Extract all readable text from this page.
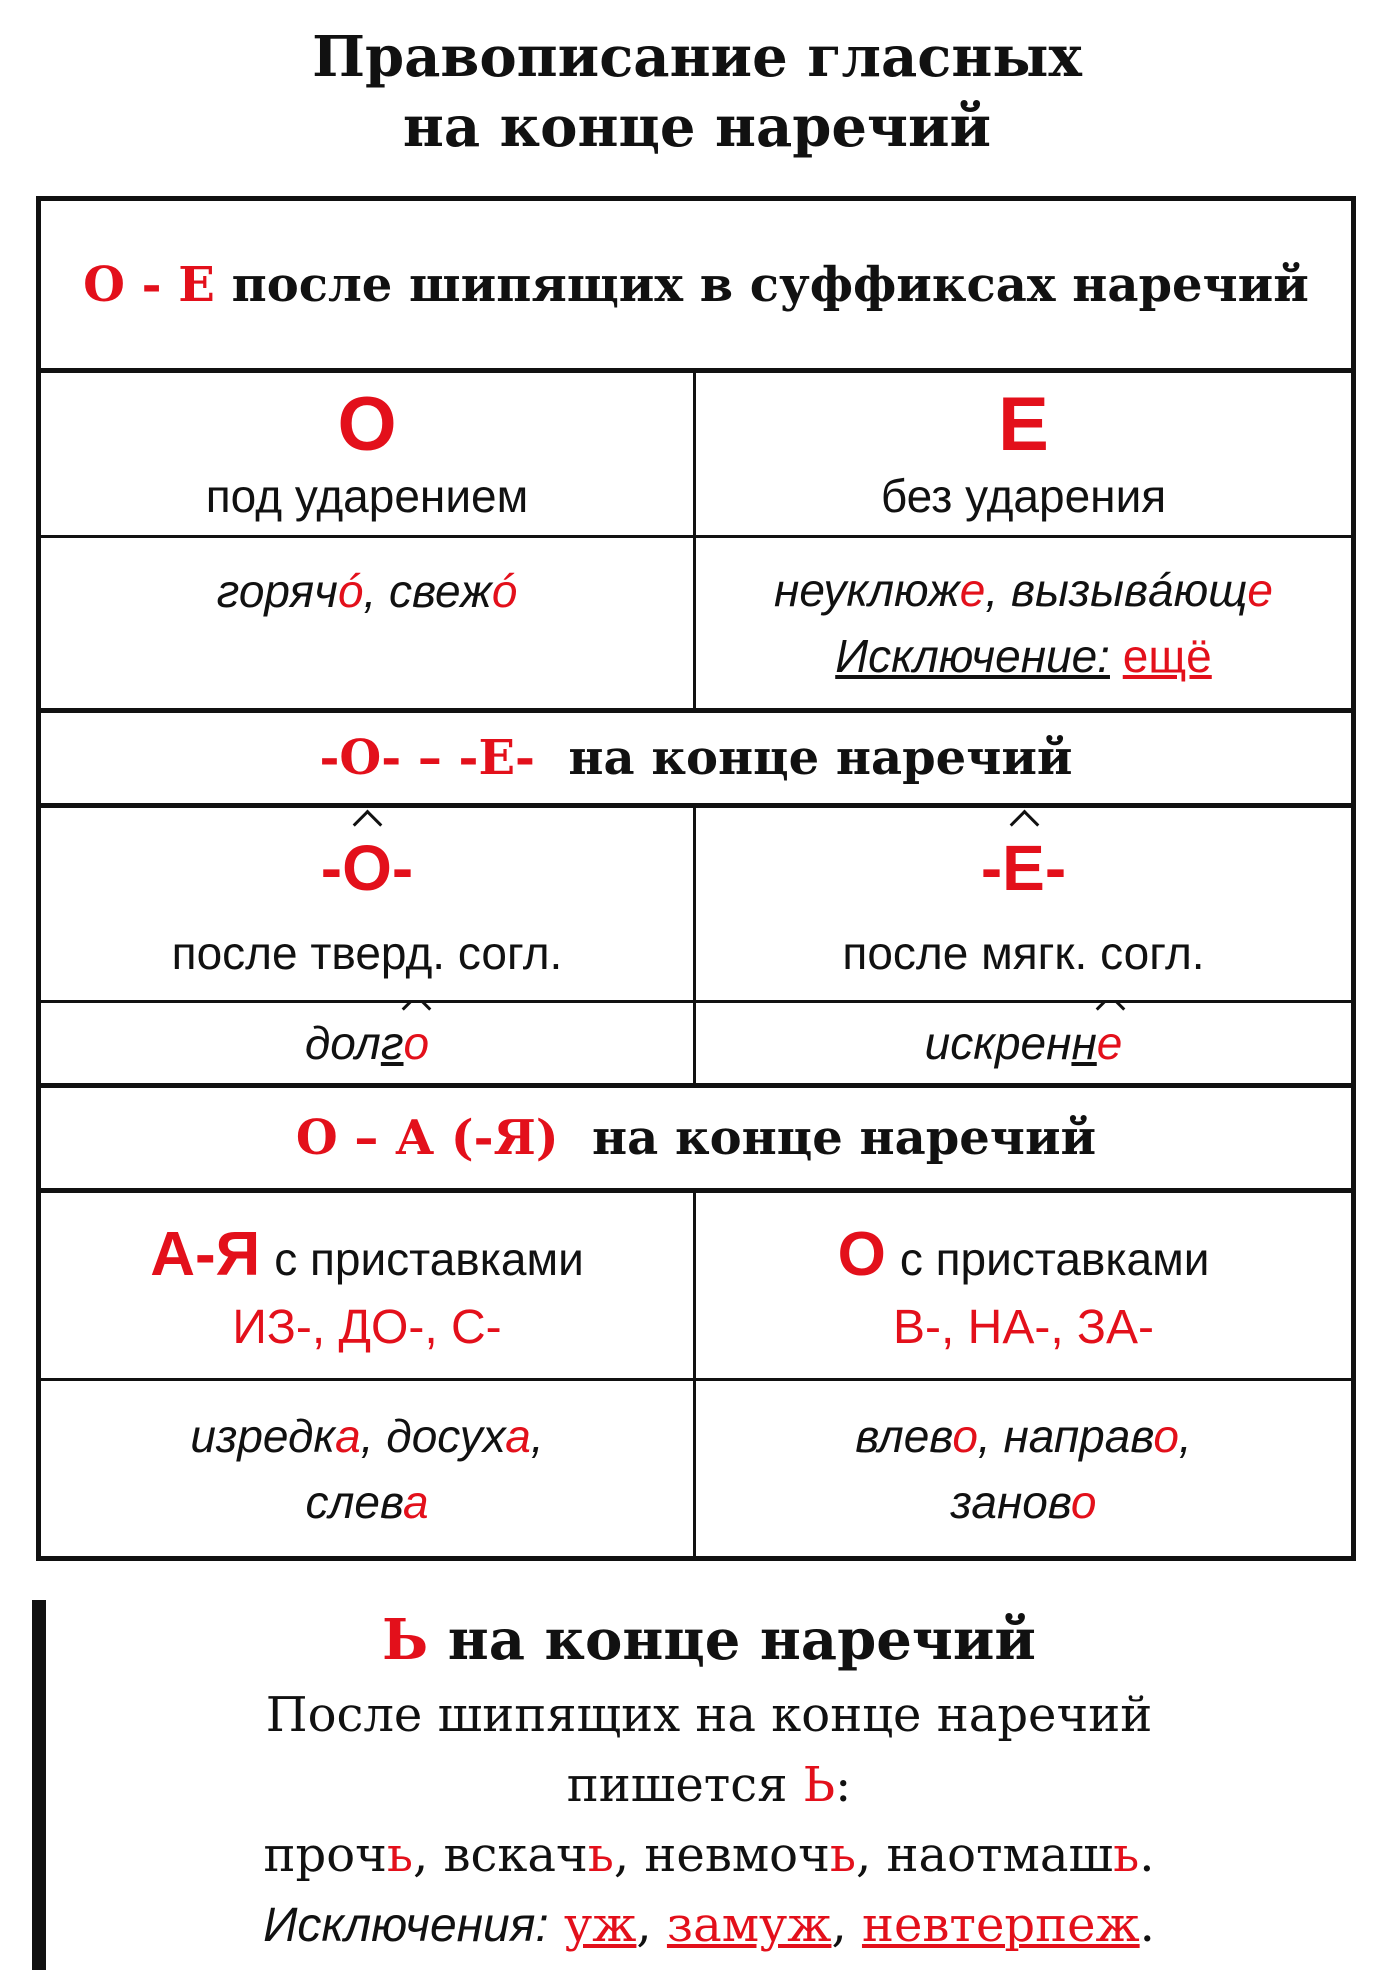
Правописание гласных
на конце наречий
О - Е после шипящих в суффиксах наречий
О
под ударением
Е
без ударения
горячó, свежó	неуклюже, вызывáюще
Исключение: ещё
-О- – -Е- на конце наречий
-О-
после тверд. согл.
-Е-
после мягк. согл.
долго	искренне
О – А (-Я) на конце наречий
А-Я с приставками
ИЗ-, ДО-, С-
О с приставками
В-, НА-, ЗА-
изредка, досуха,
слева
влево, направо,
заново
Ь на конце наречий
После шипящих на конце наречий
пишется Ь:
прочь, вскачь, невмочь, наотмашь.
Исключения: уж, замуж, невтерпеж.
